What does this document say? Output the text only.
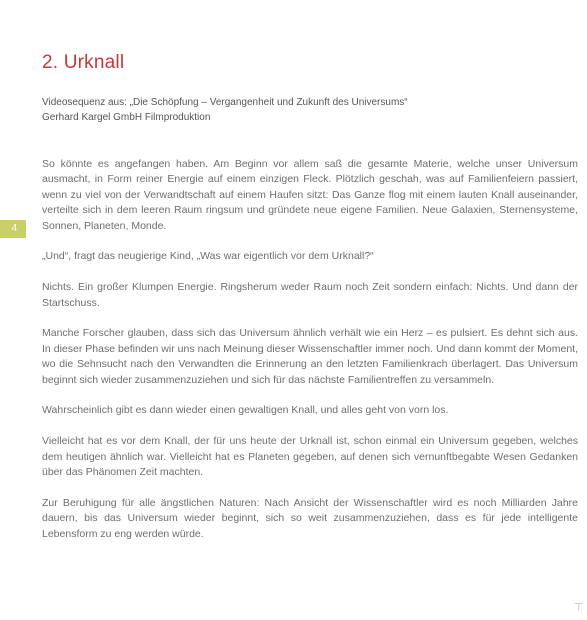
4
2. Urknall
Videosequenz aus: „Die Schöpfung – Vergangenheit und Zukunft des Universums“
Gerhard Kargel GmbH Filmproduktion

So könnte es angefangen haben. Am Beginn vor allem saß die gesamte Materie, welche unser Universum ausmacht, in Form reiner Energie auf einem einzigen Fleck. Plötzlich geschah, was auf Familienfeiern passiert, wenn zu viel von der Verwandtschaft auf einem Haufen sitzt: Das Ganze flog mit einem lauten Knall auseinander, verteilte sich in dem leeren Raum ringsum und gründete neue eigene Familien. Neue Galaxien, Sternensysteme, Sonnen, Planeten, Monde.

„Und“, fragt das neugierige Kind, „Was war eigentlich vor dem Urknall?“

Nichts. Ein großer Klumpen Energie. Ringsherum weder Raum noch Zeit sondern einfach: Nichts. Und dann der Startschuss.

Manche Forscher glauben, dass sich das Universum ähnlich verhält wie ein Herz – es pulsiert. Es dehnt sich aus. In dieser Phase befinden wir uns nach Meinung dieser Wissenschaftler immer noch. Und dann kommt der Moment, wo die Sehnsucht nach den Verwandten die Erinnerung an den letzten Familienkrach überlagert. Das Universum beginnt sich wieder zusammenzuziehen und sich für das nächste Familientreffen zu versammeln.

Wahrscheinlich gibt es dann wieder einen gewaltigen Knall, und alles geht von vorn los.

Vielleicht hat es vor dem Knall, der für uns heute der Urknall ist, schon einmal ein Universum gegeben, welches dem heutigen ähnlich war. Vielleicht hat es Planeten gegeben, auf denen sich vernunftbegabte Wesen Gedanken über das Phänomen Zeit machten.

Zur Beruhigung für alle ängstlichen Naturen: Nach Ansicht der Wissenschaftler wird es noch Milliarden Jahre dauern, bis das Universum wieder beginnt, sich so weit zusammenzuziehen, dass es für jede intelligente Lebensform zu eng werden würde.

⊤
